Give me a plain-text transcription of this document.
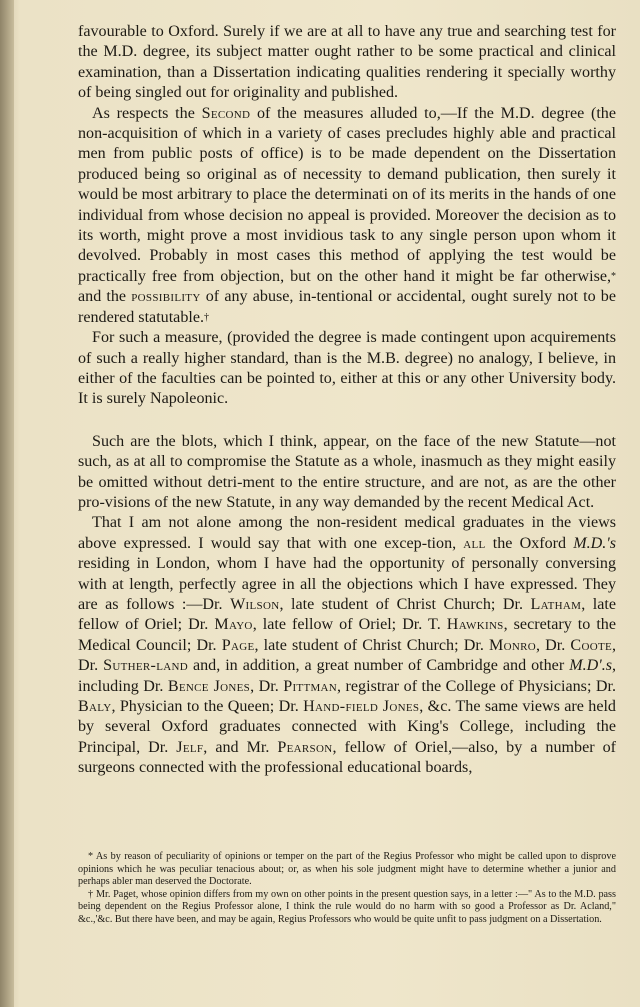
favourable to Oxford. Surely if we are at all to have any true and searching test for the M.D. degree, its subject matter ought rather to be some practical and clinical examination, than a Dissertation indicating qualities rendering it specially worthy of being singled out for originality and published.

As respects the Second of the measures alluded to,—If the M.D. degree (the non-acquisition of which in a variety of cases precludes highly able and practical men from public posts of office) is to be made dependent on the Dissertation produced being so original as of necessity to demand publication, then surely it would be most arbitrary to place the determinati on of its merits in the hands of one individual from whose decision no appeal is provided. Moreover the decision as to its worth, might prove a most invidious task to any single person upon whom it devolved. Probably in most cases this method of applying the test would be practically free from objection, but on the other hand it might be far otherwise,* and the possibility of any abuse, in-tentional or accidental, ought surely not to be rendered statutable.†

For such a measure, (provided the degree is made contingent upon acquirements of such a really higher standard, than is the M.B. degree) no analogy, I believe, in either of the faculties can be pointed to, either at this or any other University body. It is surely Napoleonic.

Such are the blots, which I think, appear, on the face of the new Statute—not such, as at all to compromise the Statute as a whole, inasmuch as they might easily be omitted without detri-ment to the entire structure, and are not, as are the other pro-visions of the new Statute, in any way demanded by the recent Medical Act.

That I am not alone among the non-resident medical graduates in the views above expressed. I would say that with one excep-tion, all the Oxford M.D.'s residing in London, whom I have had the opportunity of personally conversing with at length, perfectly agree in all the objections which I have expressed. They are as follows :—Dr. Wilson, late student of Christ Church; Dr. Latham, late fellow of Oriel; Dr. Mayo, late fellow of Oriel; Dr. T. Hawkins, secretary to the Medical Council; Dr. Page, late student of Christ Church; Dr. Monro, Dr. Coote, Dr. Suther-land and, in addition, a great number of Cambridge and other M.D'.s, including Dr. Bence Jones, Dr. Pittman, registrar of the College of Physicians; Dr. Baly, Physician to the Queen; Dr. Hand-field Jones, &c. The same views are held by several Oxford graduates connected with King's College, including the Principal, Dr. Jelf, and Mr. Pearson, fellow of Oriel,—also, by a number of surgeons connected with the professional educational boards,

* As by reason of peculiarity of opinions or temper on the part of the Regius Professor who might be called upon to disprove opinions which he was peculiar tenacious about; or, as when his sole judgment might have to determine whether a junior and perhaps abler man deserved the Doctorate.

† Mr. Paget, whose opinion differs from my own on other points in the present question says, in a letter :—" As to the M.D. pass being dependent on the Regius Professor alone, I think the rule would do no harm with so good a Professor as Dr. Acland," &c.,'&c. But there have been, and may be again, Regius Professors who would be quite unfit to pass judgment on a Dissertation.
